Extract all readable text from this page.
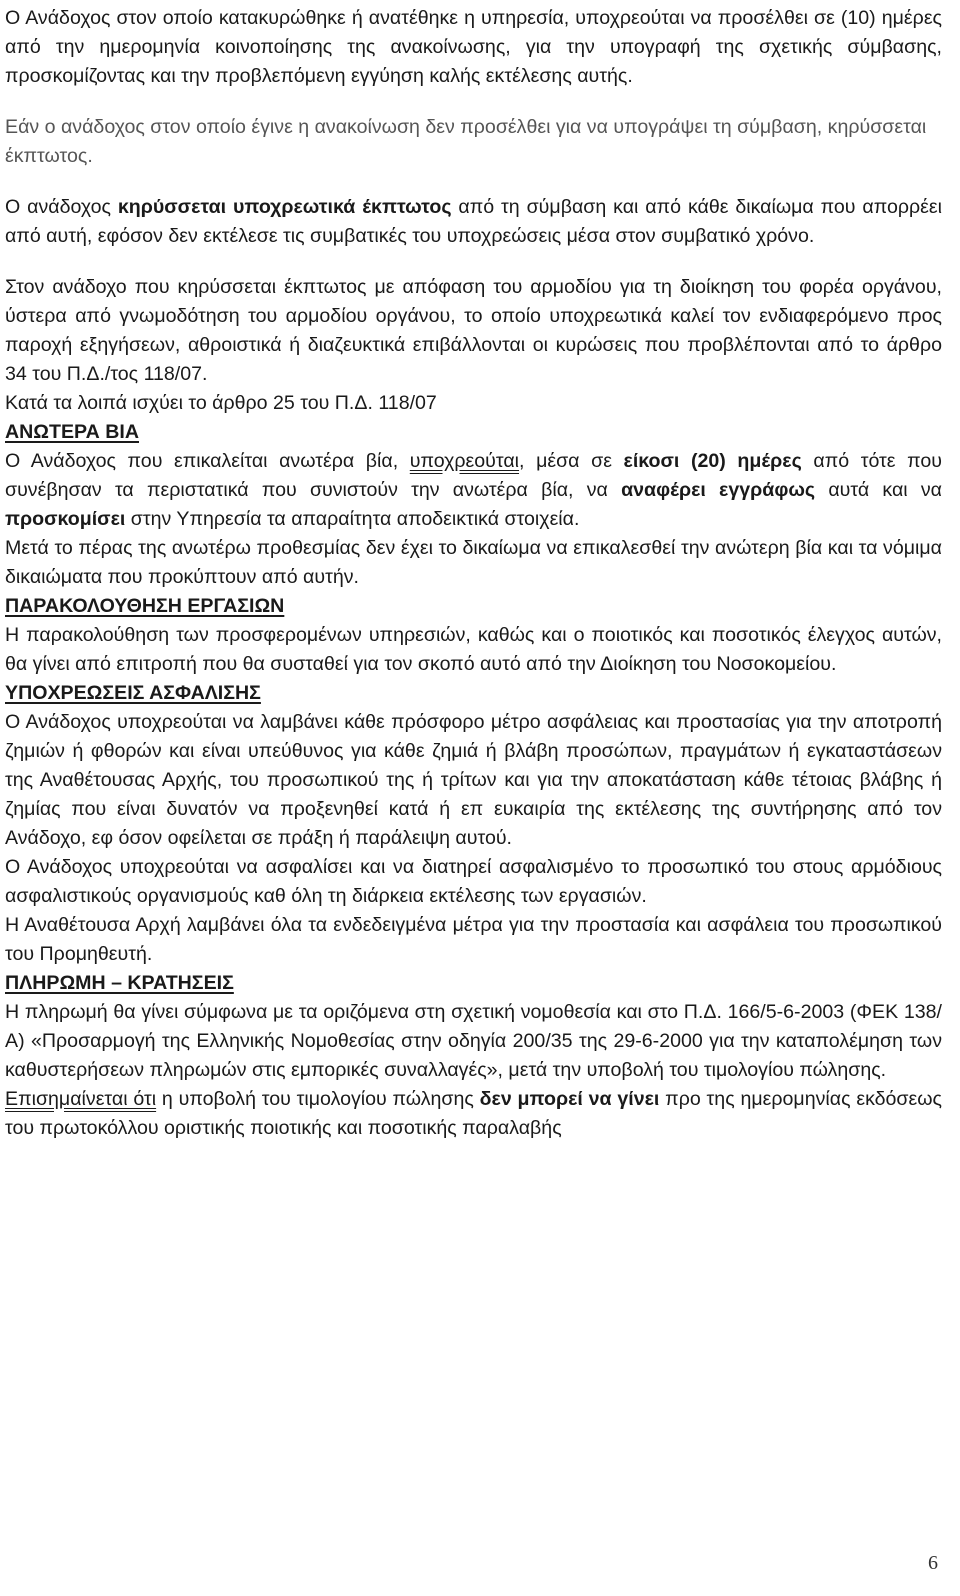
Ο Ανάδοχος στον οποίο κατακυρώθηκε ή ανατέθηκε η υπηρεσία, υποχρεούται να προσέλθει σε (10) ημέρες από την ημερομηνία κοινοποίησης της ανακοίνωσης, για την υπογραφή της σχετικής σύμβασης, προσκομίζοντας και την προβλεπόμενη εγγύηση καλής εκτέλεσης αυτής.

Εάν ο ανάδοχος στον οποίο έγινε η ανακοίνωση δεν προσέλθει για να υπογράψει τη σύμβαση, κηρύσσεται έκπτωτος.

Ο ανάδοχος κηρύσσεται υποχρεωτικά έκπτωτος από τη σύμβαση και από κάθε δικαίωμα που απορρέει από αυτή, εφόσον δεν εκτέλεσε τις συμβατικές του υποχρεώσεις μέσα στον συμβατικό χρόνο.

Στον ανάδοχο που κηρύσσεται έκπτωτος με απόφαση του αρμοδίου για τη διοίκηση του φορέα οργάνου, ύστερα από γνωμοδότηση του αρμοδίου οργάνου, το οποίο υποχρεωτικά καλεί τον ενδιαφερόμενο προς παροχή εξηγήσεων, αθροιστικά ή διαζευκτικά επιβάλλονται οι κυρώσεις που προβλέπονται από το άρθρο 34 του Π.Δ./τος 118/07.

Κατά τα λοιπά ισχύει το άρθρο 25 του Π.Δ. 118/07

ΑΝΩΤΕΡΑ ΒΙΑ

Ο Ανάδοχος που επικαλείται ανωτέρα βία, υποχρεούται, μέσα σε είκοσι (20) ημέρες από τότε που συνέβησαν τα περιστατικά που συνιστούν την ανωτέρα βία, να αναφέρει εγγράφως αυτά και να προσκομίσει στην Υπηρεσία τα απαραίτητα αποδεικτικά στοιχεία.

Μετά το πέρας της ανωτέρω προθεσμίας δεν έχει το δικαίωμα να επικαλεσθεί την ανώτερη βία και τα νόμιμα δικαιώματα που προκύπτουν από αυτήν.

ΠΑΡΑΚΟΛΟΥΘΗΣΗ ΕΡΓΑΣΙΩΝ

Η παρακολούθηση των προσφερομένων υπηρεσιών, καθώς και ο ποιοτικός και ποσοτικός έλεγχος αυτών, θα γίνει από επιτροπή που θα συσταθεί για τον σκοπό αυτό από την Διοίκηση του Νοσοκομείου.

ΥΠΟΧΡΕΩΣΕΙΣ ΑΣΦΑΛΙΣΗΣ

Ο Ανάδοχος υποχρεούται να λαμβάνει κάθε πρόσφορο μέτρο ασφάλειας και προστασίας για την αποτροπή ζημιών ή φθορών και είναι υπεύθυνος για κάθε ζημιά ή βλάβη προσώπων, πραγμάτων ή εγκαταστάσεων της Αναθέτουσας Αρχής, του προσωπικού της ή τρίτων και για την αποκατάσταση κάθε τέτοιας βλάβης ή ζημίας που είναι δυνατόν να προξενηθεί κατά ή επ ευκαιρία της εκτέλεσης της συντήρησης από τον Ανάδοχο, εφ όσον οφείλεται σε πράξη ή παράλειψη αυτού.

Ο Ανάδοχος υποχρεούται να ασφαλίσει και να διατηρεί ασφαλισμένο το προσωπικό του στους αρμόδιους ασφαλιστικούς οργανισμούς καθ όλη τη διάρκεια εκτέλεσης των εργασιών.

Η Αναθέτουσα Αρχή λαμβάνει όλα τα ενδεδειγμένα μέτρα για την προστασία και ασφάλεια του προσωπικού του Προμηθευτή.

ΠΛΗΡΩΜΗ – ΚΡΑΤΗΣΕΙΣ

Η πληρωμή θα γίνει σύμφωνα με τα οριζόμενα στη σχετική νομοθεσία και στο Π.Δ. 166/5-6-2003 (ΦΕΚ 138/Α) «Προσαρμογή της Ελληνικής Νομοθεσίας στην οδηγία 200/35 της 29-6-2000 για την καταπολέμηση των καθυστερήσεων πληρωμών στις εμπορικές συναλλαγές», μετά την υποβολή του τιμολογίου πώλησης.

Επισημαίνεται ότι η υποβολή του τιμολογίου πώλησης δεν μπορεί να γίνει προ της ημερομηνίας εκδόσεως του πρωτοκόλλου οριστικής ποιοτικής και ποσοτικής παραλαβής

6
